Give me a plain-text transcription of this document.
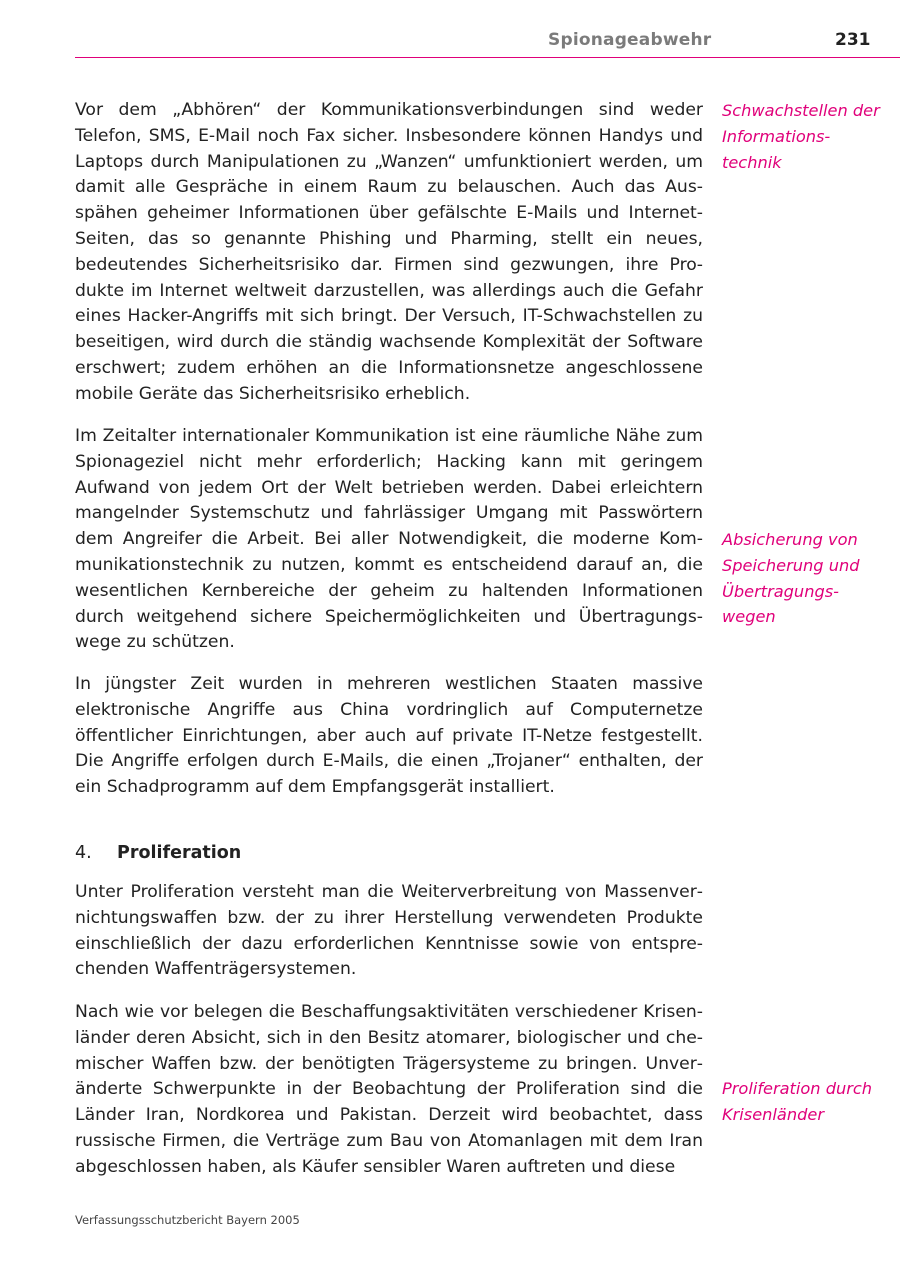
Spionageabwehr	231

Vor dem „Abhören“ der Kommunikationsverbindungen sind weder Telefon, SMS, E-Mail noch Fax sicher. Insbesondere können Handys und Laptops durch Manipulationen zu „Wanzen“ umfunktioniert werden, um damit alle Gespräche in einem Raum zu belauschen. Auch das Ausspähen geheimer Informationen über gefälschte E-Mails und Internet-Seiten, das so genannte Phishing und Pharming, stellt ein neues, bedeutendes Sicherheitsrisiko dar. Firmen sind gezwungen, ihre Produkte im Internet weltweit darzustellen, was allerdings auch die Gefahr eines Hacker-Angriffs mit sich bringt. Der Versuch, IT-Schwachstellen zu beseitigen, wird durch die ständig wachsende Komplexität der Software erschwert; zudem erhöhen an die Informationsnetze angeschlossene mobile Geräte das Sicherheitsrisiko erheblich.

Im Zeitalter internationaler Kommunikation ist eine räumliche Nähe zum Spionageziel nicht mehr erforderlich; Hacking kann mit geringem Aufwand von jedem Ort der Welt betrieben werden. Dabei erleichtern mangelnder Systemschutz und fahrlässiger Umgang mit Passwörtern dem Angreifer die Arbeit. Bei aller Notwendigkeit, die moderne Kommunikationstechnik zu nutzen, kommt es entscheidend darauf an, die wesentlichen Kernbereiche der geheim zu haltenden Informationen durch weitgehend sichere Speichermöglichkeiten und Übertragungswege zu schützen.

In jüngster Zeit wurden in mehreren westlichen Staaten massive elektronische Angriffe aus China vordringlich auf Computernetze öffentlicher Einrichtungen, aber auch auf private IT-Netze festgestellt. Die Angriffe erfolgen durch E-Mails, die einen „Trojaner“ enthalten, der ein Schadprogramm auf dem Empfangsgerät installiert.

4. Proliferation

Unter Proliferation versteht man die Weiterverbreitung von Massenvernichtungswaffen bzw. der zu ihrer Herstellung verwendeten Produkte einschließlich der dazu erforderlichen Kenntnisse sowie von entsprechenden Waffenträgersystemen.

Nach wie vor belegen die Beschaffungsaktivitäten verschiedener Krisenländer deren Absicht, sich in den Besitz atomarer, biologischer und chemischer Waffen bzw. der benötigten Trägersysteme zu bringen. Unveränderte Schwerpunkte in der Beobachtung der Proliferation sind die Länder Iran, Nordkorea und Pakistan. Derzeit wird beobachtet, dass russische Firmen, die Verträge zum Bau von Atomanlagen mit dem Iran abgeschlossen haben, als Käufer sensibler Waren auftreten und diese

Schwachstellen der Informationstechnik
Absicherung von Speicherung und Übertragungswegen
Proliferation durch Krisenländer
Verfassungsschutzbericht Bayern 2005
